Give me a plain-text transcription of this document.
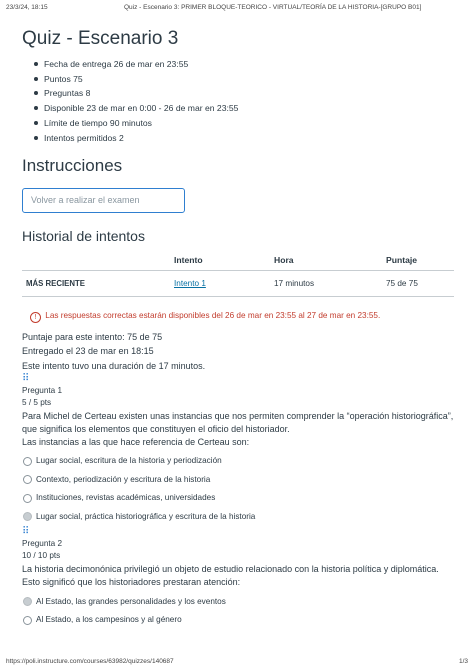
23/3/24, 18:15	Quiz - Escenario 3: PRIMER BLOQUE-TEORICO - VIRTUAL/TEORÍA DE LA HISTORIA-[GRUPO B01]
Quiz - Escenario 3
Fecha de entrega 26 de mar en 23:55
Puntos 75
Preguntas 8
Disponible 23 de mar en 0:00 - 26 de mar en 23:55
Límite de tiempo 90 minutos
Intentos permitidos 2
Instrucciones
Volver a realizar el examen
Historial de intentos
	Intento	Hora	Puntaje
MÁS RECIENTE	Intento 1	17 minutos	75 de 75
! Las respuestas correctas estarán disponibles del 26 de mar en 23:55 al 27 de mar en 23:55.
Puntaje para este intento: 75 de 75
Entregado el 23 de mar en 18:15
Este intento tuvo una duración de 17 minutos.
⠿
Pregunta 1
5 / 5 pts
Para Michel de Certeau existen unas instancias que nos permiten comprender la “operación historiográfica”, que significa los elementos que constituyen el oficio del historiador.
Las instancias a las que hace referencia de Certeau son:
Lugar social, escritura de la historia y periodización
Contexto, periodización y escritura de la historia
Instituciones, revistas académicas, universidades
Lugar social, práctica historiográfica y escritura de la historia
⠿
Pregunta 2
10 / 10 pts
La historia decimonónica privilegió un objeto de estudio relacionado con la historia política y diplomática.
Esto significó que los historiadores prestaran atención:
Al Estado, las grandes personalidades y los eventos
Al Estado, a los campesinos y al género
https://poli.instructure.com/courses/63982/quizzes/140687	1/3
